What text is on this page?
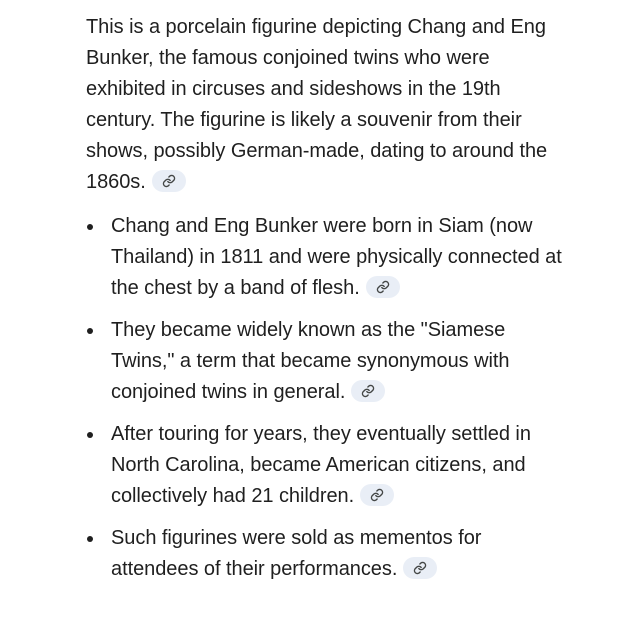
This is a porcelain figurine depicting Chang and Eng Bunker, the famous conjoined twins who were exhibited in circuses and sideshows in the 19th century. The figurine is likely a souvenir from their shows, possibly German-made, dating to around the 1860s.

Chang and Eng Bunker were born in Siam (now Thailand) in 1811 and were physically connected at the chest by a band of flesh.
They became widely known as the "Siamese Twins," a term that became synonymous with conjoined twins in general.
After touring for years, they eventually settled in North Carolina, became American citizens, and collectively had 21 children.
Such figurines were sold as mementos for attendees of their performances.
